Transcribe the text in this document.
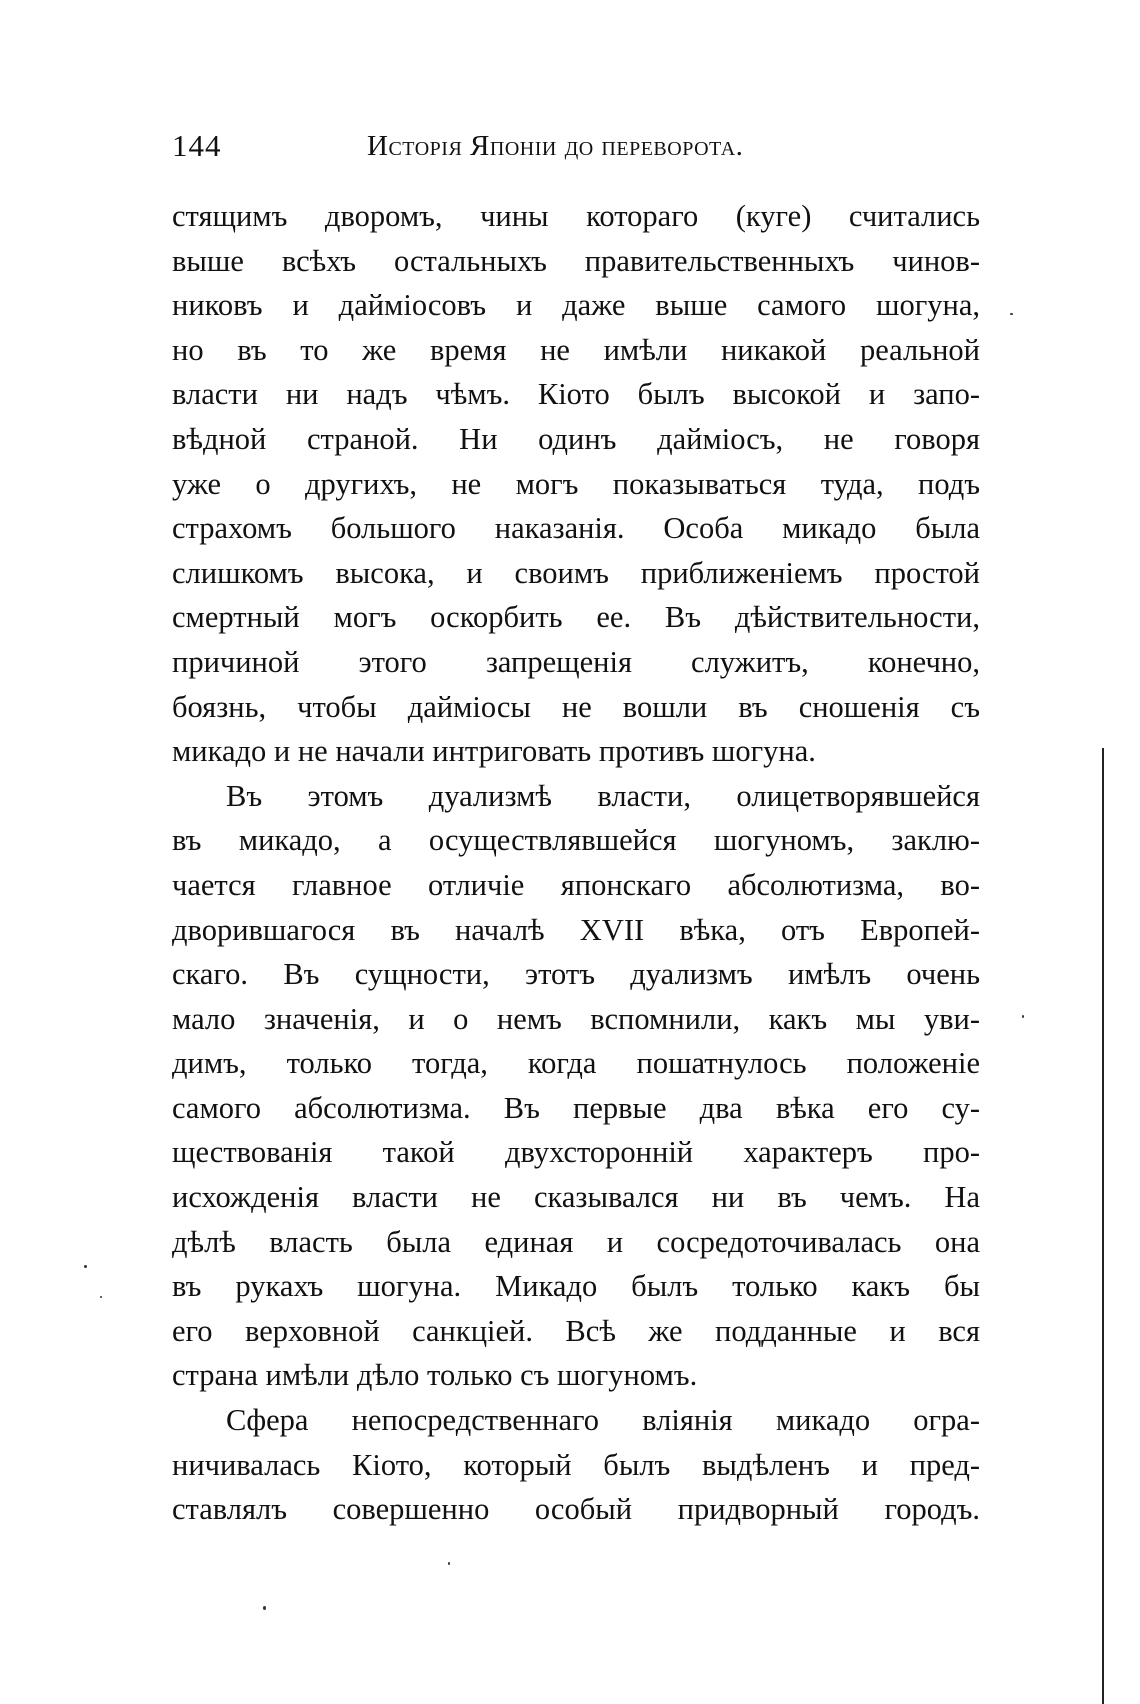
144	Исторія Японіи до переворота.
стящимъ дворомъ, чины котораго (куге) считались
выше всѣхъ остальныхъ правительственныхъ чинов-
никовъ и даймiосовъ и даже выше самого шогуна,
но въ то же время не имѣли никакой реальной
власти ни надъ чѣмъ. Кiото былъ высокой и запо-
вѣдной страной. Ни одинъ даймiосъ, не говоря
уже о другихъ, не могъ показываться туда, подъ
страхомъ большого наказанiя. Особа микадо была
слишкомъ высока, и своимъ приближенiемъ простой
смертный могъ оскорбить ее. Въ дѣйствительности,
причиной этого запрещенiя служитъ, конечно,
боязнь, чтобы даймiосы не вошли въ сношенiя съ
микадо и не начали интриговать противъ шогуна.
Въ этомъ дуализмѣ власти, олицетворявшейся
въ микадо, а осуществлявшейся шогуномъ, заклю-
чается главное отличiе японскаго абсолютизма, во-
дворившагося въ началѣ XVII вѣка, отъ Европей-
скаго. Въ сущности, этотъ дуализмъ имѣлъ очень
мало значенiя, и о немъ вспомнили, какъ мы уви-
димъ, только тогда, когда пошатнулось положенiе
самого абсолютизма. Въ первые два вѣка его су-
ществованiя такой двухсторонній характеръ про-
исхожденiя власти не сказывался ни въ чемъ. На
дѣлѣ власть была единая и сосредоточивалась она
въ рукахъ шогуна. Микадо былъ только какъ бы
его верховной санкцiей. Всѣ же подданные и вся
страна имѣли дѣло только съ шогуномъ.
Сфера непосредственнаго влiянiя микадо огра-
ничивалась Кiото, который былъ выдѣленъ и пред-
ставлялъ совершенно особый придворный городъ.
